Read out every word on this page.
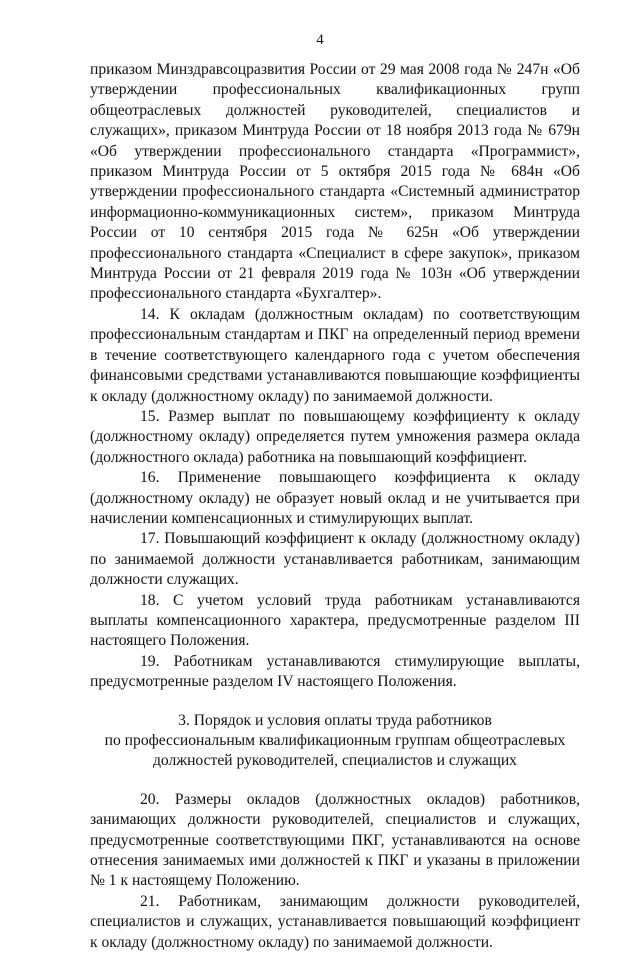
4

приказом Минздравсоцразвития России от 29 мая 2008 года № 247н «Об утверждении профессиональных квалификационных групп общеотраслевых должностей руководителей, специалистов и служащих», приказом Минтруда России от 18 ноября 2013 года № 679н «Об утверждении профессионального стандарта «Программист», приказом Минтруда России от 5 октября 2015 года № 684н «Об утверждении профессионального стандарта «Системный администратор информационно-коммуникационных систем», приказом Минтруда России от 10 сентября 2015 года № 625н «Об утверждении профессионального стандарта «Специалист в сфере закупок», приказом Минтруда России от 21 февраля 2019 года № 103н «Об утверждении профессионального стандарта «Бухгалтер».

14. К окладам (должностным окладам) по соответствующим профессиональным стандартам и ПКГ на определенный период времени в течение соответствующего календарного года с учетом обеспечения финансовыми средствами устанавливаются повышающие коэффициенты к окладу (должностному окладу) по занимаемой должности.

15. Размер выплат по повышающему коэффициенту к окладу (должностному окладу) определяется путем умножения размера оклада (должностного оклада) работника на повышающий коэффициент.

16. Применение повышающего коэффициента к окладу (должностному окладу) не образует новый оклад и не учитывается при начислении компенсационных и стимулирующих выплат.

17. Повышающий коэффициент к окладу (должностному окладу) по занимаемой должности устанавливается работникам, занимающим должности служащих.

18. С учетом условий труда работникам устанавливаются выплаты компенсационного характера, предусмотренные разделом III настоящего Положения.

19. Работникам устанавливаются стимулирующие выплаты, предусмотренные разделом IV настоящего Положения.

3. Порядок и условия оплаты труда работников
по профессиональным квалификационным группам общеотраслевых
должностей руководителей, специалистов и служащих

20. Размеры окладов (должностных окладов) работников, занимающих должности руководителей, специалистов и служащих, предусмотренные соответствующими ПКГ, устанавливаются на основе отнесения занимаемых ими должностей к ПКГ и указаны в приложении № 1 к настоящему Положению.

21. Работникам, занимающим должности руководителей, специалистов и служащих, устанавливается повышающий коэффициент к окладу (должностному окладу) по занимаемой должности.
